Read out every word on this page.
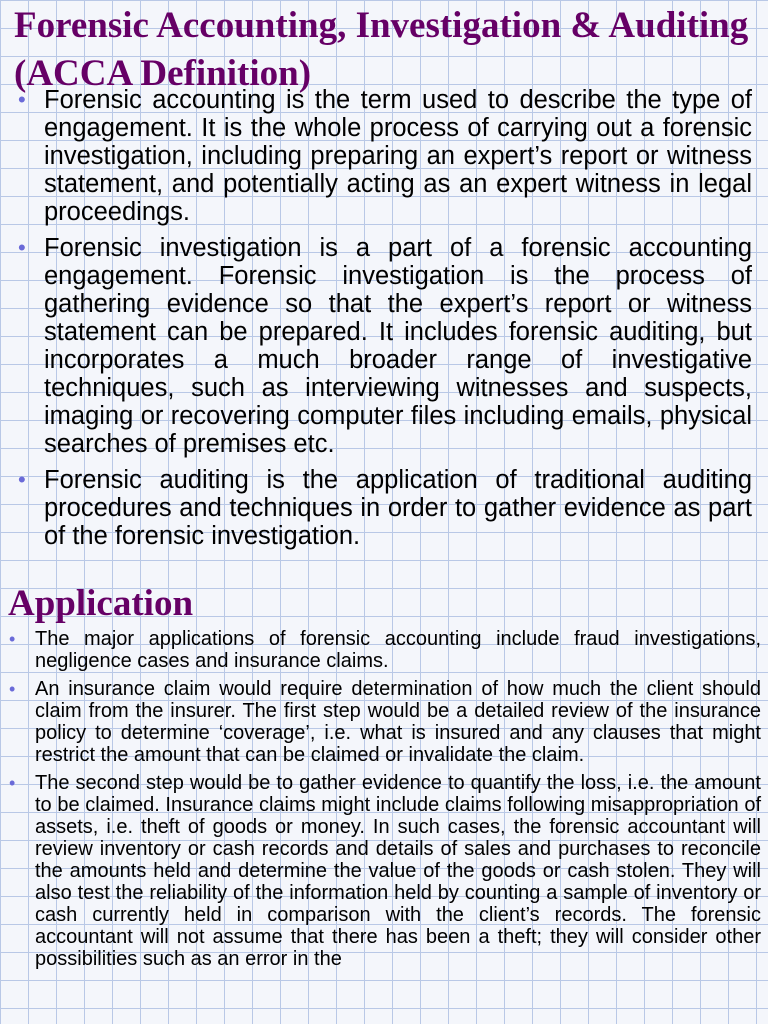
Forensic Accounting, Investigation & Auditing (ACCA Definition)
• Forensic accounting is the term used to describe the type of engagement. It is the whole process of carrying out a forensic investigation, including preparing an expert’s report or witness statement, and potentially acting as an expert witness in legal proceedings.
• Forensic investigation is a part of a forensic accounting engagement. Forensic investigation is the process of gathering evidence so that the expert’s report or witness statement can be prepared. It includes forensic auditing, but incorporates a much broader range of investigative techniques, such as interviewing witnesses and suspects, imaging or recovering computer files including emails, physical searches of premises etc.
• Forensic auditing is the application of traditional auditing procedures and techniques in order to gather evidence as part of the forensic investigation.
Application
• The major applications of forensic accounting include fraud investigations, negligence cases and insurance claims.
• An insurance claim would require determination of how much the client should claim from the insurer. The first step would be a detailed review of the insurance policy to determine ‘coverage’, i.e. what is insured and any clauses that might restrict the amount that can be claimed or invalidate the claim.
• The second step would be to gather evidence to quantify the loss, i.e. the amount to be claimed. Insurance claims might include claims following misappropriation of assets, i.e. theft of goods or money. In such cases, the forensic accountant will review inventory or cash records and details of sales and purchases to reconcile the amounts held and determine the value of the goods or cash stolen. They will also test the reliability of the information held by counting a sample of inventory or cash currently held in comparison with the client’s records. The forensic accountant will not assume that there has been a theft; they will consider other possibilities such as an error in the
